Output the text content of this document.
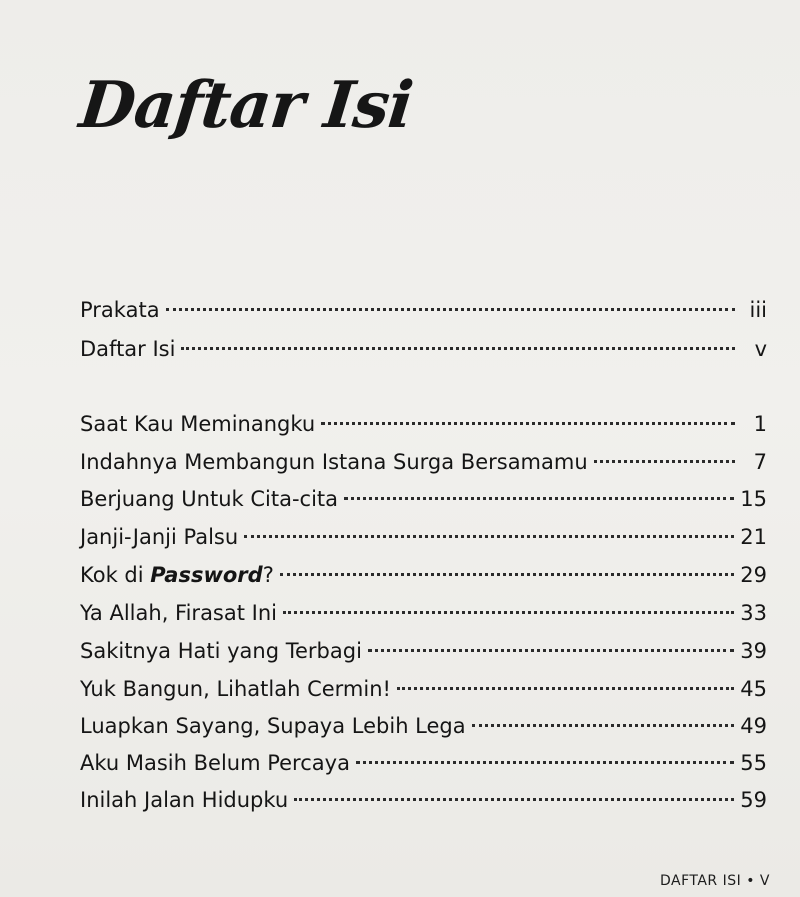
Daftar Isi
Prakata	iii
Daftar Isi	v
Saat Kau Meminangku	1
Indahnya Membangun Istana Surga Bersamamu	7
Berjuang Untuk Cita-cita	15
Janji-Janji Palsu	21
Kok di Password?	29
Ya Allah, Firasat Ini	33
Sakitnya Hati yang Terbagi	39
Yuk Bangun, Lihatlah Cermin!	45
Luapkan Sayang, Supaya Lebih Lega	49
Aku Masih Belum Percaya	55
Inilah Jalan Hidupku	59
DAFTAR ISI • V
